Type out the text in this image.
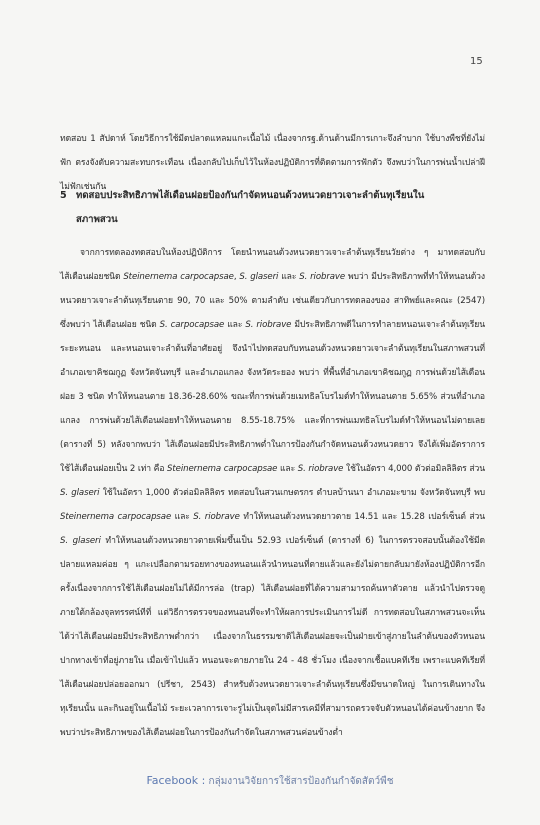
15

ทดสอบ 1 สัปดาห์ โดยวิธีการใช้มีดปลาดแหลมแกะเนื้อไม้ เนื่องจากรฐ.ด้านด้านมีการเกาะจึงลำบาก ใช้บางพืชที่ยังไม่ฟัก ตรงจังดับความสะทบกระเทือน เนื่องกลับไปเก็บไว้ในห้องปฏิบัติการที่ติดตามการฟักตัว จึงพบว่าในการพ่นน้ำเปล่าฝีไม่ฟักเช่นกัน

5 ทดสอบประสิทธิภาพไส้เดือนฝอยป้องกันกำจัดหนอนด้วงหนวดยาวเจาะลำต้นทุเรียนใน
สภาพสวน

จากการทดลองทดสอบในห้องปฏิบัติการ โดยนำหนอนด้วงหนวดยาวเจาะลำต้นทุเรียนวัยต่าง ๆ มาทดสอบกับไส้เดือนฝอยชนิด Steinernema carpocapsae, S. glaseri และ S. riobrave พบว่า มีประสิทธิภาพที่ทำให้หนอนด้วงหนวดยาวเจาะลำต้นทุเรียนตาย 90, 70 และ 50% ตามลำดับ เช่นเดียวกับการทดลองของ สาทิพย์และคณะ (2547) ซึ่งพบว่า ไส้เดือนฝอย ชนิด S. carpocapsae และ S. riobrave มีประสิทธิภาพดีในการทำลายหนอนเจาะลำต้นทุเรียนระยะหนอน และหนอนเจาะลำต้นที่อาศัยอยู่ จึงนำไปทดสอบกับหนอนด้วงหนวดยาวเจาะลำต้นทุเรียนในสภาพสวนที่อำเภอเขาคิชฌกูฏ จังหวัดจันทบุรี และอำเภอแกลง จังหวัดระยอง พบว่า ที่พื้นที่อำเภอเขาคิชฌกูฏ การพ่นด้วยไส้เดือนฝอย 3 ชนิด ทำให้หนอนตาย 18.36-28.60% ขณะที่การพ่นด้วยเมทธิลโบรไมด์ทำให้หนอนตาย 5.65% ส่วนที่อำเภอแกลง การพ่นด้วยไส้เดือนฝอยทำให้หนอนตาย 8.55-18.75% และที่การพ่นเมทธิลโบรไมด์ทำให้หนอนไม่ตายเลย (ตารางที่ 5) หลังจากพบว่า ไส้เดือนฝอยมีประสิทธิภาพต่ำในการป้องกันกำจัดหนอนด้วงหนวดยาว จึงได้เพิ่มอัตราการใช้ไส้เดือนฝอยเป็น 2 เท่า คือ Steinernema carpocapsae และ S. riobrave ใช้ในอัตรา 4,000 ตัวต่อมิลลิลิตร ส่วน S. glaseri ใช้ในอัตรา 1,000 ตัวต่อมิลลิลิตร ทดสอบในสวนเกษตรกร ตำบลบ้านนา อำเภอมะขาม จังหวัดจันทบุรี พบ Steinernema carpocapsae และ S. riobrave ทำให้หนอนด้วงหนวดยาวตาย 14.51 และ 15.28 เปอร์เซ็นต์ ส่วน S. glaseri ทำให้หนอนด้วงหนวดยาวตายเพิ่มขึ้นเป็น 52.93 เปอร์เซ็นต์ (ตารางที่ 6) ในการตรวจสอบนั้นต้องใช้มีดปลายแหลมค่อย ๆ แกะเปลือกตามรอยทางของหนอนแล้วนำหนอนที่ตายแล้วและยังไม่ตายกลับมายังห้องปฏิบัติการอีกครั้งเนื่องจากการใช้ไส้เดือนฝอยไม่ได้มีการล่อ (trap) ไส้เดือนฝอยที่ได้ความสามารถค้นหาตัวตาย แล้วนำไปตรวจดูภายใต้กล้องจุลทรรศน์ทีที่ แต่วิธีการตรวจของหนอนที่จะทำให้ผลการประเมินการไม่ดี การทดสอบในสภาพสวนจะเห็นได้ว่าไส้เดือนฝอยมีประสิทธิภาพต่ำกว่า เนื่องจากในธรรมชาติไส้เดือนฝอยจะเป็นฝ่ายเข้าสู่ภายในลำต้นของตัวหนอนปากทางเข้าที่อยู่ภายใน เมื่อเข้าไปแล้ว หนอนจะตายภายใน 24 - 48 ชั่วโมง เนื่องจากเชื้อแบคทีเรีย เพราะแบคทีเรียที่ไส้เดือนฝอยปล่อยออกมา (ปรีชา, 2543) สำหรับด้วงหนวดยาวเจาะลำต้นทุเรียนซึ่งมีขนาดใหญ่ ในการเดินทางในทุเรียนนั้น และกินอยู่ในเนื้อไม้ ระยะเวลาการเจาะรูไม่เป็นจุดไม่มีสารเคมีที่สามารถตรวจจับตัวหนอนได้ค่อนข้างยาก จึงพบว่าประสิทธิภาพของไส้เดือนฝอยในการป้องกันกำจัดในสภาพสวนค่อนข้างต่ำ

Facebook : กลุ่มงานวิจัยการใช้สารป้องกันกำจัดสัตว์พืช
